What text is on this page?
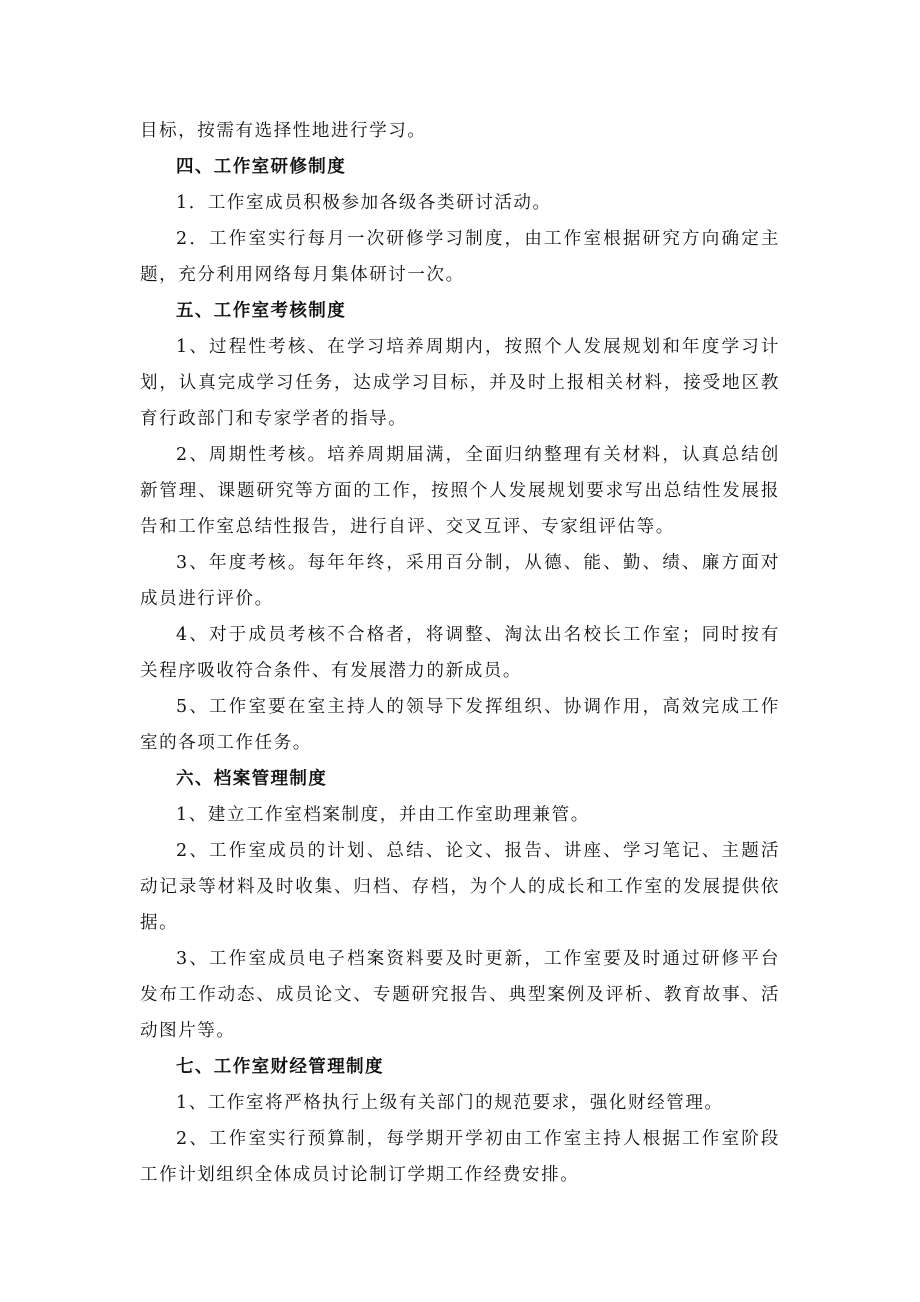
目标，按需有选择性地进行学习。

四、工作室研修制度

1．工作室成员积极参加各级各类研讨活动。

2．工作室实行每月一次研修学习制度，由工作室根据研究方向确定主题，充分利用网络每月集体研讨一次。

五、工作室考核制度

1、过程性考核、在学习培养周期内，按照个人发展规划和年度学习计划，认真完成学习任务，达成学习目标，并及时上报相关材料，接受地区教育行政部门和专家学者的指导。

2、周期性考核。培养周期届满，全面归纳整理有关材料，认真总结创新管理、课题研究等方面的工作，按照个人发展规划要求写出总结性发展报告和工作室总结性报告，进行自评、交叉互评、专家组评估等。

3、年度考核。每年年终，采用百分制，从德、能、勤、绩、廉方面对成员进行评价。

4、对于成员考核不合格者，将调整、淘汰出名校长工作室；同时按有关程序吸收符合条件、有发展潜力的新成员。

5、工作室要在室主持人的领导下发挥组织、协调作用，高效完成工作室的各项工作任务。

六、档案管理制度

1、建立工作室档案制度，并由工作室助理兼管。

2、工作室成员的计划、总结、论文、报告、讲座、学习笔记、主题活动记录等材料及时收集、归档、存档，为个人的成长和工作室的发展提供依据。

3、工作室成员电子档案资料要及时更新，工作室要及时通过研修平台发布工作动态、成员论文、专题研究报告、典型案例及评析、教育故事、活动图片等。

七、工作室财经管理制度

1、工作室将严格执行上级有关部门的规范要求，强化财经管理。

2、工作室实行预算制，每学期开学初由工作室主持人根据工作室阶段工作计划组织全体成员讨论制订学期工作经费安排。
